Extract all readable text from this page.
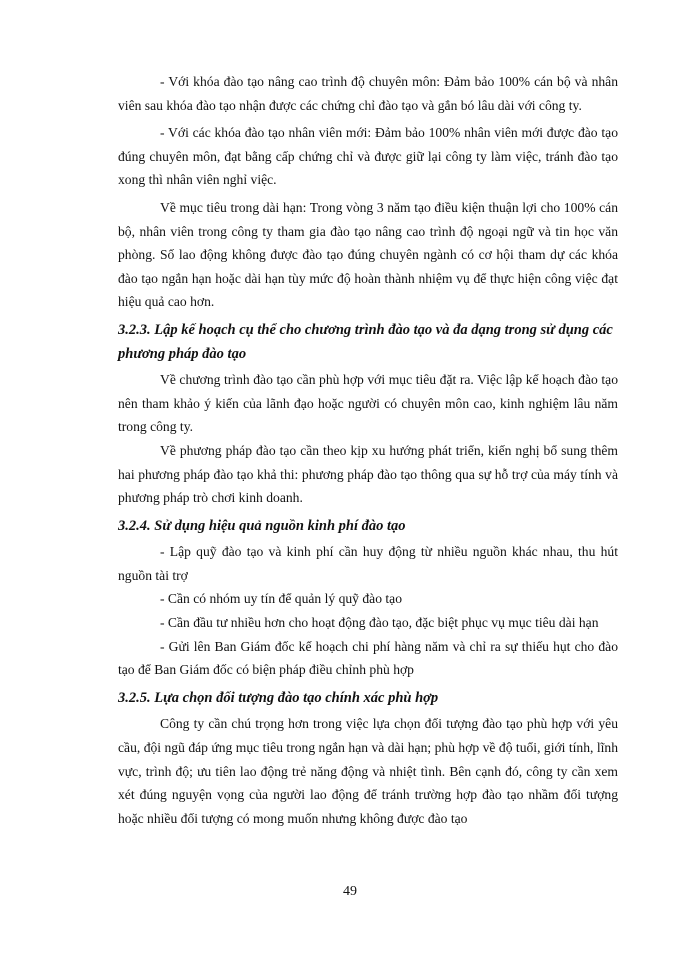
- Với khóa đào tạo nâng cao trình độ chuyên môn: Đảm bảo 100% cán bộ và nhân viên sau khóa đào tạo nhận được các chứng chỉ đào tạo và gắn bó lâu dài với công ty.

- Với các khóa đào tạo nhân viên mới: Đảm bảo 100% nhân viên mới được đào tạo đúng chuyên môn, đạt bằng cấp chứng chỉ và được giữ lại công ty làm việc, tránh đào tạo xong thì nhân viên nghỉ việc.

Về mục tiêu trong dài hạn: Trong vòng 3 năm tạo điều kiện thuận lợi cho 100% cán bộ, nhân viên trong công ty tham gia đào tạo nâng cao trình độ ngoại ngữ và tin học văn phòng. Số lao động không được đào tạo đúng chuyên ngành có cơ hội tham dự các khóa đào tạo ngắn hạn hoặc dài hạn tùy mức độ hoàn thành nhiệm vụ để thực hiện công việc đạt hiệu quả cao hơn.

3.2.3. Lập kế hoạch cụ thể cho chương trình đào tạo và đa dạng trong sử dụng các phương pháp đào tạo

Về chương trình đào tạo cần phù hợp với mục tiêu đặt ra. Việc lập kế hoạch đào tạo nên tham khảo ý kiến của lãnh đạo hoặc người có chuyên môn cao, kinh nghiệm lâu năm trong công ty.

Về phương pháp đào tạo cần theo kịp xu hướng phát triển, kiến nghị bổ sung thêm hai phương pháp đào tạo khả thi: phương pháp đào tạo thông qua sự hỗ trợ của máy tính và phương pháp trò chơi kinh doanh.

3.2.4. Sử dụng hiệu quả nguồn kinh phí đào tạo

- Lập quỹ đào tạo và kinh phí cần huy động từ nhiều nguồn khác nhau, thu hút nguồn tài trợ

- Cần có nhóm uy tín để quản lý quỹ đào tạo

- Cần đầu tư nhiều hơn cho hoạt động đào tạo, đặc biệt phục vụ mục tiêu dài hạn

- Gửi lên Ban Giám đốc kế hoạch chi phí hàng năm và chỉ ra sự thiếu hụt cho đào tạo để Ban Giám đốc có biện pháp điều chỉnh phù hợp

3.2.5. Lựa chọn đối tượng đào tạo chính xác phù hợp

Công ty cần chú trọng hơn trong việc lựa chọn đối tượng đào tạo phù hợp với yêu cầu, đội ngũ đáp ứng mục tiêu trong ngắn hạn và dài hạn; phù hợp về độ tuổi, giới tính, lĩnh vực, trình độ; ưu tiên lao động trẻ năng động và nhiệt tình. Bên cạnh đó, công ty cần xem xét đúng nguyện vọng của người lao động để tránh trường hợp đào tạo nhầm đối tượng hoặc nhiều đối tượng có mong muốn nhưng không được đào tạo

49
